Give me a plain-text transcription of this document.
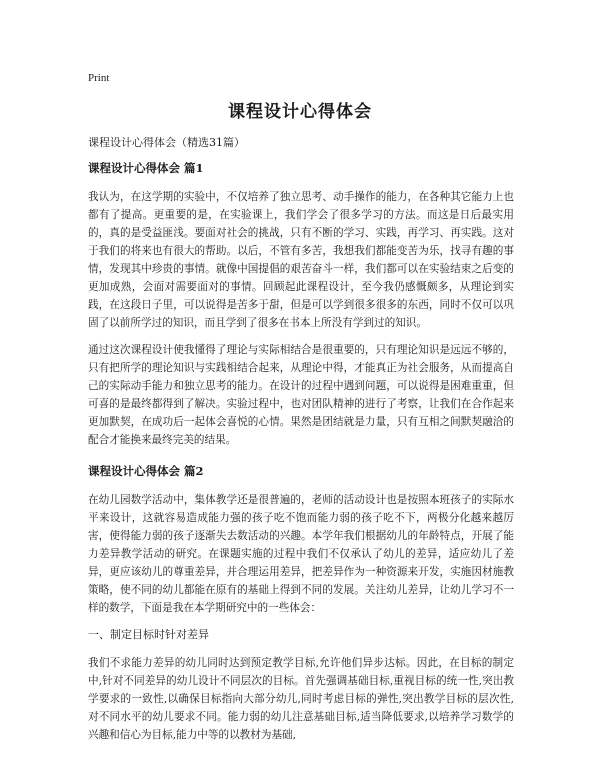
Print
课程设计心得体会
课程设计心得体会（精选31篇）
课程设计心得体会 篇1

我认为，在这学期的实验中，不仅培养了独立思考、动手操作的能力，在各种其它能力上也都有了提高。更重要的是，在实验课上，我们学会了很多学习的方法。而这是日后最实用的，真的是受益匪浅。要面对社会的挑战，只有不断的学习、实践，再学习、再实践。这对于我们的将来也有很大的帮助。以后，不管有多苦，我想我们都能变苦为乐，找寻有趣的事情，发现其中珍贵的事情。就像中国提倡的艰苦奋斗一样，我们都可以在实验结束之后变的更加成熟，会面对需要面对的事情。回顾起此课程设计，至今我仍感慨颇多，从理论到实践，在这段日子里，可以说得是苦多于甜，但是可以学到很多很多的东西，同时不仅可以巩固了以前所学过的知识，而且学到了很多在书本上所没有学到过的知识。

通过这次课程设计使我懂得了理论与实际相结合是很重要的，只有理论知识是远远不够的，只有把所学的理论知识与实践相结合起来，从理论中得，才能真正为社会服务，从而提高自己的实际动手能力和独立思考的能力。在设计的过程中遇到问题，可以说得是困难重重，但可喜的是最终都得到了解决。实验过程中，也对团队精神的进行了考察，让我们在合作起来更加默契，在成功后一起体会喜悦的心情。果然是团结就是力量，只有互相之间默契融洽的配合才能换来最终完美的结果。

课程设计心得体会 篇2

在幼儿园数学活动中，集体教学还是很普遍的，老师的活动设计也是按照本班孩子的实际水平来设计，这就容易造成能力强的孩子吃不饱而能力弱的孩子吃不下，两极分化越来越厉害，使得能力弱的孩子逐渐失去数活动的兴趣。本学年我们根据幼儿的年龄特点，开展了能力差异教学活动的研究。在课题实施的过程中我们不仅承认了幼儿的差异，适应幼儿了差异，更应该幼儿的尊重差异，并合理运用差异，把差异作为一种资源来开发，实施因材施教策略，使不同的幼儿都能在原有的基础上得到不同的发展。关注幼儿差异，让幼儿学习不一样的数学，下面是我在本学期研究中的一些体会：

一、制定目标时针对差异

我们不求能力差异的幼儿同时达到预定教学目标,允许他们异步达标。因此，在目标的制定中,针对不同差异的幼儿设计不同层次的目标。首先强调基础目标,重视目标的统一性,突出教学要求的一致性,以确保目标指向大部分幼儿,同时考虑目标的弹性,突出教学目标的层次性,对不同水平的幼儿要求不同。能力弱的幼儿注意基础目标,适当降低要求,以培养学习数学的兴趣和信心为目标,能力中等的以教材为基础,
